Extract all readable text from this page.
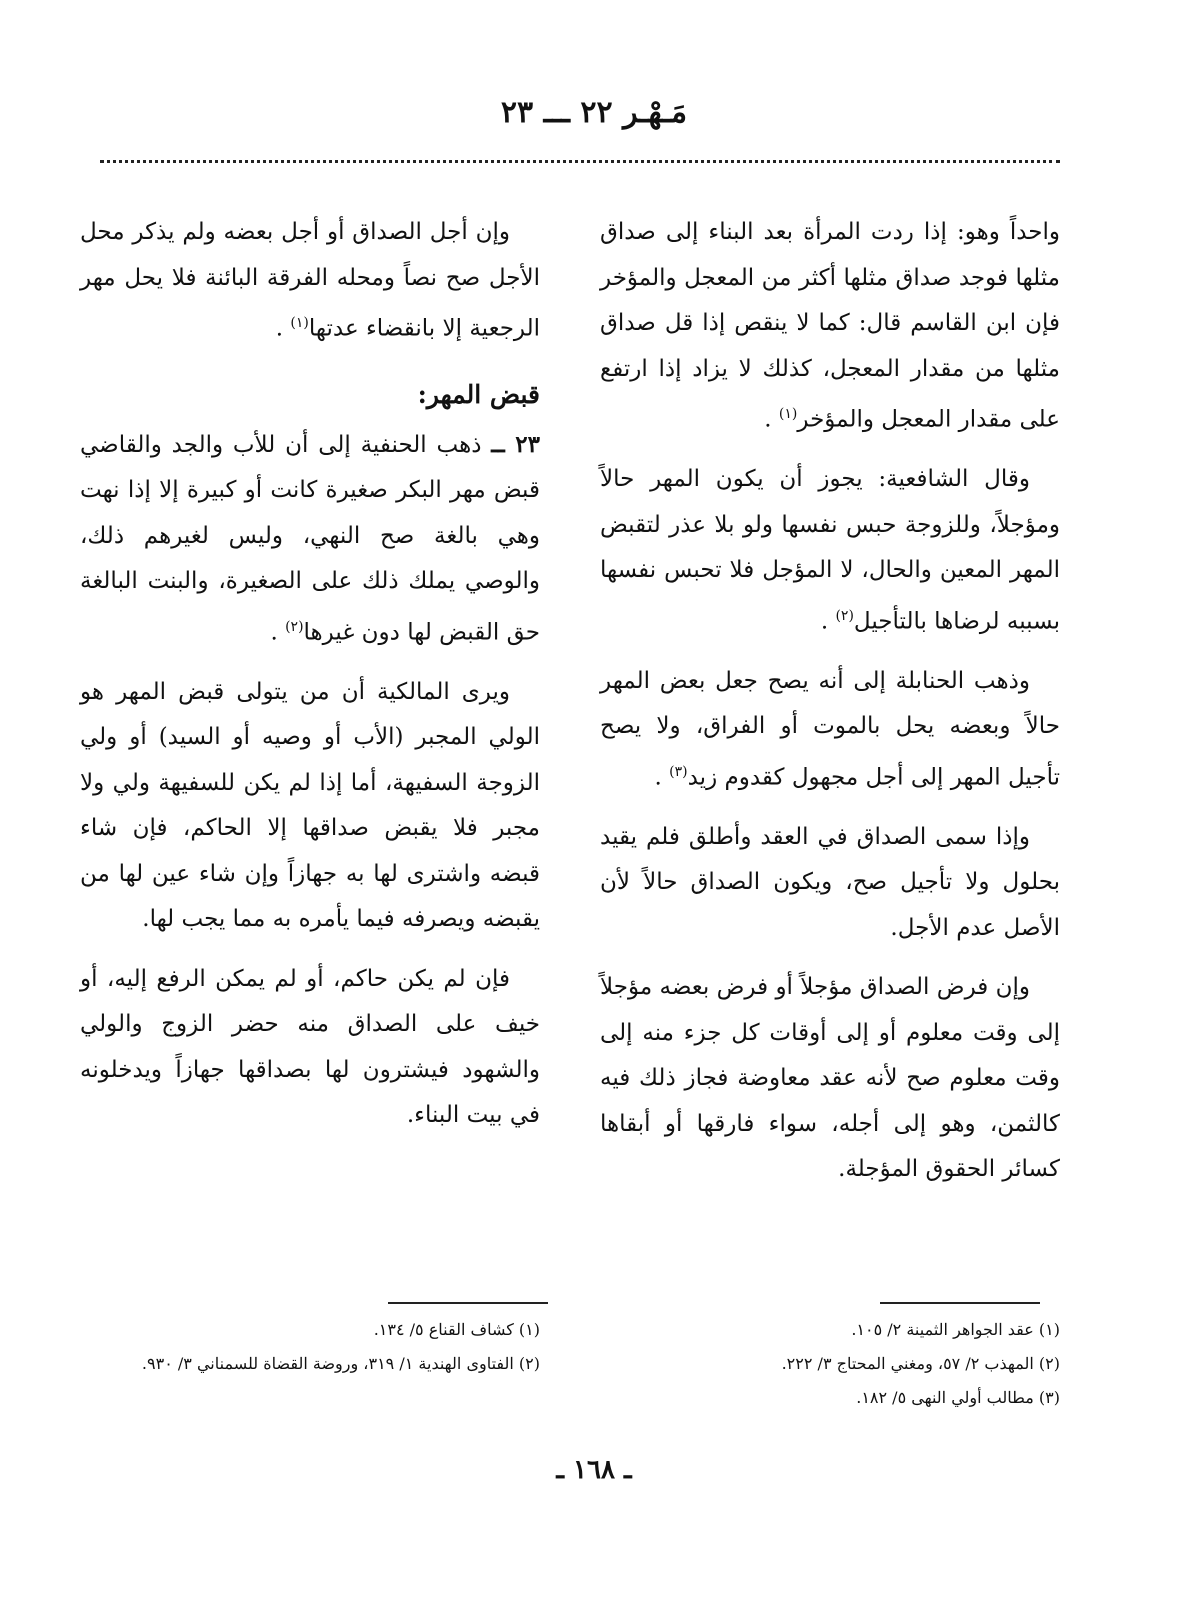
مَـهْـر ٢٢ ـــ ٢٣

واحداً وهو: إذا ردت المرأة بعد البناء إلى صداق مثلها فوجد صداق مثلها أكثر من المعجل والمؤخر فإن ابن القاسم قال: كما لا ينقص إذا قل صداق مثلها من مقدار المعجل، كذلك لا يزاد إذا ارتفع على مقدار المعجل والمؤخر$^{(١)}$ .

وقال الشافعية: يجوز أن يكون المهر حالاً ومؤجلاً، وللزوجة حبس نفسها ولو بلا عذر لتقبض المهر المعين والحال، لا المؤجل فلا تحبس نفسها بسببه لرضاها بالتأجيل$^{(٢)}$ .

وذهب الحنابلة إلى أنه يصح جعل بعض المهر حالاً وبعضه يحل بالموت أو الفراق، ولا يصح تأجيل المهر إلى أجل مجهول كقدوم زيد$^{(٣)}$ .

وإذا سمى الصداق في العقد وأطلق فلم يقيد بحلول ولا تأجيل صح، ويكون الصداق حالاً لأن الأصل عدم الأجل.

وإن فرض الصداق مؤجلاً أو فرض بعضه مؤجلاً إلى وقت معلوم أو إلى أوقات كل جزء منه إلى وقت معلوم صح لأنه عقد معاوضة فجاز ذلك فيه كالثمن، وهو إلى أجله، سواء فارقها أو أبقاها كسائر الحقوق المؤجلة.

وإن أجل الصداق أو أجل بعضه ولم يذكر محل الأجل صح نصاً ومحله الفرقة البائنة فلا يحل مهر الرجعية إلا بانقضاء عدتها$^{(١)}$ .

قبض المهر:

٢٣ ــ ذهب الحنفية إلى أن للأب والجد والقاضي قبض مهر البكر صغيرة كانت أو كبيرة إلا إذا نهت وهي بالغة صح النهي، وليس لغيرهم ذلك، والوصي يملك ذلك على الصغيرة، والبنت البالغة حق القبض لها دون غيرها$^{(٢)}$ .

ويرى المالكية أن من يتولى قبض المهر هو الولي المجبر (الأب أو وصيه أو السيد) أو ولي الزوجة السفيهة، أما إذا لم يكن للسفيهة ولي ولا مجبر فلا يقبض صداقها إلا الحاكم، فإن شاء قبضه واشترى لها به جهازاً وإن شاء عين لها من يقبضه ويصرفه فيما يأمره به مما يجب لها.

فإن لم يكن حاكم، أو لم يمكن الرفع إليه، أو خيف على الصداق منه حضر الزوج والولي والشهود فيشترون لها بصداقها جهازاً ويدخلونه في بيت البناء.

(١) عقد الجواهر الثمينة ٢/ ١٠٥.
(٢) المهذب ٢/ ٥٧، ومغني المحتاج ٣/ ٢٢٢.
(٣) مطالب أولي النهى ٥/ ١٨٢.
(١) كشاف القناع ٥/ ١٣٤.
(٢) الفتاوى الهندية ١/ ٣١٩، وروضة القضاة للسمناني ٣/ ٩٣٠.
ـ ١٦٨ ـ
